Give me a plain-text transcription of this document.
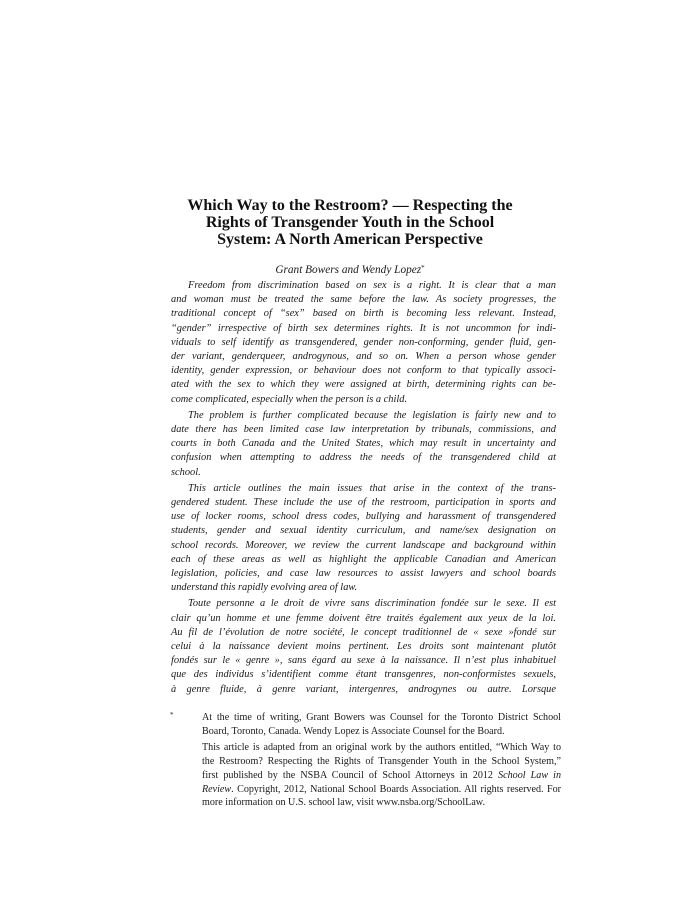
Which Way to the Restroom? — Respecting the
Rights of Transgender Youth in the School
System: A North American Perspective

Grant Bowers and Wendy Lopez*

Freedom from discrimination based on sex is a right. It is clear that a man
and woman must be treated the same before the law. As society progresses, the
traditional concept of “sex” based on birth is becoming less relevant. Instead,
“gender” irrespective of birth sex determines rights. It is not uncommon for indi-
viduals to self identify as transgendered, gender non-conforming, gender fluid, gen-
der variant, genderqueer, androgynous, and so on. When a person whose gender
identity, gender expression, or behaviour does not conform to that typically associ-
ated with the sex to which they were assigned at birth, determining rights can be-
come complicated, especially when the person is a child.
The problem is further complicated because the legislation is fairly new and to
date there has been limited case law interpretation by tribunals, commissions, and
courts in both Canada and the United States, which may result in uncertainty and
confusion when attempting to address the needs of the transgendered child at
school.
This article outlines the main issues that arise in the context of the trans-
gendered student. These include the use of the restroom, participation in sports and
use of locker rooms, school dress codes, bullying and harassment of transgendered
students, gender and sexual identity curriculum, and name/sex designation on
school records. Moreover, we review the current landscape and background within
each of these areas as well as highlight the applicable Canadian and American
legislation, policies, and case law resources to assist lawyers and school boards
understand this rapidly evolving area of law.
Toute personne a le droit de vivre sans discrimination fondée sur le sexe. Il est
clair qu’un homme et une femme doivent être traités également aux yeux de la loi.
Au fil de l’évolution de notre société, le concept traditionnel de « sexe »fondé sur
celui à la naissance devient moins pertinent. Les droits sont maintenant plutôt
fondés sur le « genre », sans égard au sexe à la naissance. Il n’est plus inhabituel
que des individus s’identifient comme étant transgenres, non-conformistes sexuels,
à genre fluide, à genre variant, intergenres, androgynes ou autre. Lorsque
*	At the time of writing, Grant Bowers was Counsel for the Toronto District School
Board, Toronto, Canada. Wendy Lopez is Associate Counsel for the Board.

This article is adapted from an original work by the authors entitled, “Which Way to
the Restroom? Respecting the Rights of Transgender Youth in the School System,”
first published by the NSBA Council of School Attorneys in 2012 School Law in
Review. Copyright, 2012, National School Boards Association. All rights reserved. For
more information on U.S. school law, visit www.nsba.org/SchoolLaw.
